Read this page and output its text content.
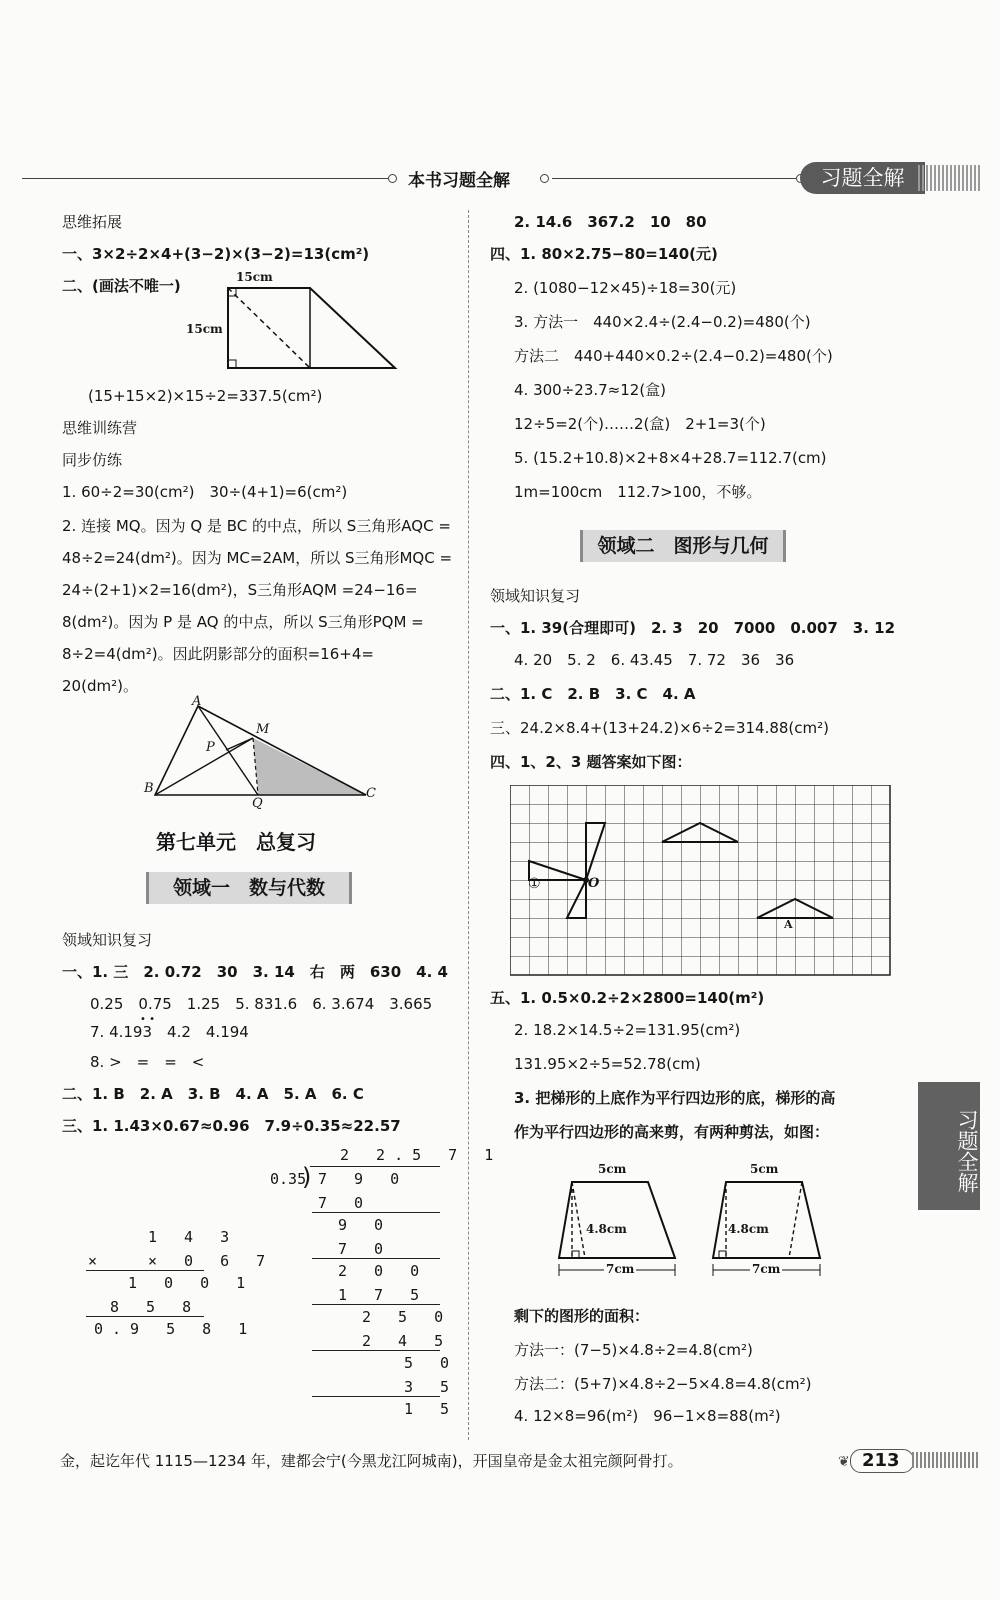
本书习题全解	习题全解
思维拓展
一、3×2÷2×4+(3−2)×(3−2)=13(cm²)
二、(画法不唯一)	15cm
15cm
(15+15×2)×15÷2=337.5(cm²)
思维训练营
同步仿练
1. 60÷2=30(cm²)　30÷(4+1)=6(cm²)
2. 连接 MQ。因为 Q 是 BC 的中点，所以 S三角形AQC =
48÷2=24(dm²)。因为 MC=2AM，所以 S三角形MQC =
24÷(2+1)×2=16(dm²)，S三角形AQM =24−16=
8(dm²)。因为 P 是 AQ 的中点，所以 S三角形PQM =
8÷2=4(dm²)。因此阴影部分的面积=16+4=
20(dm²)。
A
M
P
B
Q
C
第七单元　总复习
领域一　数与代数
领域知识复习
一、1. 三　2. 0.72　30　3. 14　右　两　630　4. 4
0.25　0.75　1.25　5. 831.6　6. 3.674　3.665
7. 4.193　4.2　4.194
• •
8. >　=　=　<
二、1. B　2. A　3. B　4. A　5. A　6. C
三、1. 1.43×0.67≈0.96　7.9÷0.35≈22.57
1 4 3
×	× 0 6 7
1 0 0 1
8 5 8
0.9 5 8 1
2 2.5 7 1
0.35
) 7 9 0
7 0
9 0
7 0
2 0 0
1 7 5
2 5 0
2 4 5
5 0
3 5
1 5
2. 14.6　367.2　10　80
四、1. 80×2.75−80=140(元)
2. (1080−12×45)÷18=30(元)
3. 方法一　440×2.4÷(2.4−0.2)=480(个)
方法二　440+440×0.2÷(2.4−0.2)=480(个)
4. 300÷23.7≈12(盒)
12÷5=2(个)……2(盒)　2+1=3(个)
5. (15.2+10.8)×2+8×4+28.7=112.7(cm)
1m=100cm　112.7>100，不够。
领域二　图形与几何
领域知识复习
一、1. 39(合理即可)　2. 3　20　7000　0.007　3. 12
4. 20　5. 2　6. 43.45　7. 72　36　36
二、1. C　2. B　3. C　4. A
三、24.2×8.4+(13+24.2)×6÷2=314.88(cm²)
四、1、2、3 题答案如下图：
①	O
A
五、1. 0.5×0.2÷2×2800=140(m²)
2. 18.2×14.5÷2=131.95(cm²)
131.95×2÷5=52.78(cm)
3. 把梯形的上底作为平行四边形的底，梯形的高
作为平行四边形的高来剪，有两种剪法，如图：
5cm	5cm
4.8cm	4.8cm
7cm	7cm
剩下的图形的面积：
方法一：(7−5)×4.8÷2=4.8(cm²)
方法二：(5+7)×4.8÷2−5×4.8=4.8(cm²)
4. 12×8=96(m²)　96−1×8=88(m²)
习题全解
金，起讫年代 1115—1234 年，建都会宁(今黑龙江阿城南)，开国皇帝是金太祖完颜阿骨打。	❦ 213
